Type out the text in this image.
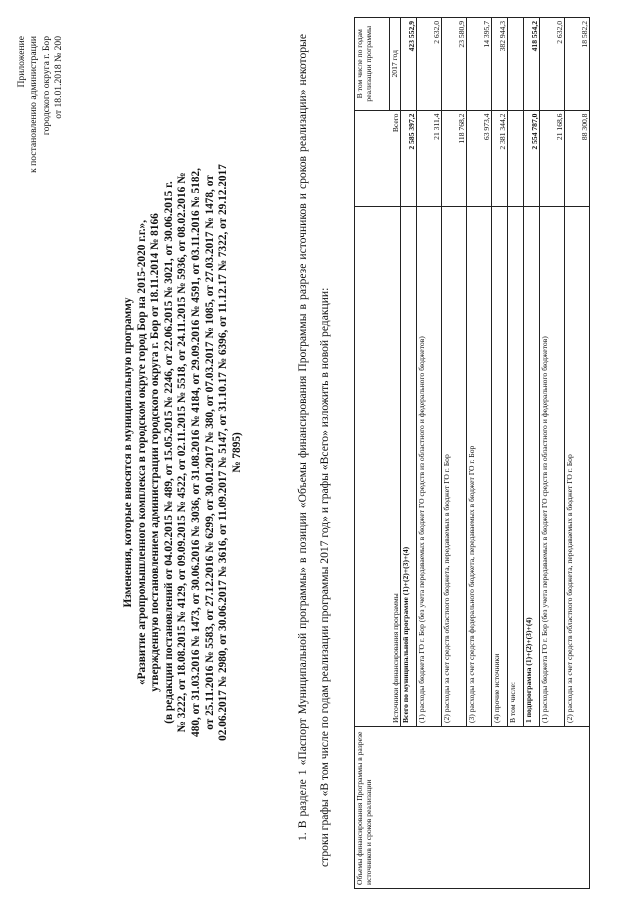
Приложение к постановлению администрации городского округа г. Бор от 18.01.2018 № 200
Изменения, которые вносятся в муниципальную программу «Развитие агропромышленного комплекса в городском округе город Бор на 2015-2020 г.г.», утвержденную постановлением администрации городского округа г. Бор от 18.11.2014 № 8166 (в редакции постановлений от 04.02.2015 № 489, от 15.05.2015 № 2246, от 22.06.2015 № 3021, от 30.06.2015 г. № 3222, от 18.08.2015 № 4129, от 09.09.2015 № 4522, от 02.11.2015 № 5518, от 24.11.2015 № 5936, от 08.02.2016 № 480, от 31.03.2016 № 1473, от 30.06.2016 № 3036, от 31.08.2016 № 4184, от 29.09.2016 № 4591, от 03.11.2016 № 5182, от 25.11.2016 № 5583, от 27.12.2016 № 6299, от 30.01.2017 № 380, от 07.03.2017 № 1085, от 27.03.2017 № 1478, от 02.06.2017 № 2980, от 30.06.2017 № 3616, от 11.09.2017 № 5147, от 31.10.17 № 6396, от 11.12.17 № 7322, от 29.12.2017 № 7895)	1. В разделе 1 «Паспорт Муниципальной программы» в позиции «Объемы финансирования Программы в разрезе источников и сроков реализации» некоторые строки графы «В том числе по годам реализации программы 2017 год» и графы «Всего» изложить в новой редакции:	Объемы финансирования Программы в разрезе источников и сроков реализации	Источники финансирования программы	Всего	В том числе по годам реализации программы
			2017 год
	Всего по муниципальной программе (1)+(2)+(3)+(4)	2 585 397,2	423 552,9
	(1) расходы бюджета ГО г. Бор (без учета передаваемых в бюджет ГО средств из областного и федерального бюджетов)	21 311,4	2 632,0
	(2) расходы за счет средств областного бюджета, передаваемых в бюджет ГО г. Бор	118 768,2	23 580,9
	(3) расходы за счет средств федерального бюджета, передаваемых в бюджет ГО г. Бор	63 973,4	14 395,7
	(4) прочие источники	2 381 344,2	382 944,3
	В том числе:		
	1 подпрограмма (1)+(2)+(3)+(4)	2 554 787,0	418 554,2
	(1) расходы бюджета ГО г. Бор (без учета передаваемых в бюджет ГО средств из областного и федерального бюджетов)	21 168,6	2 632,0
	(2) расходы за счет средств областного бюджета, передаваемых в бюджет ГО г. Бор	88 300,8	18 582,2
